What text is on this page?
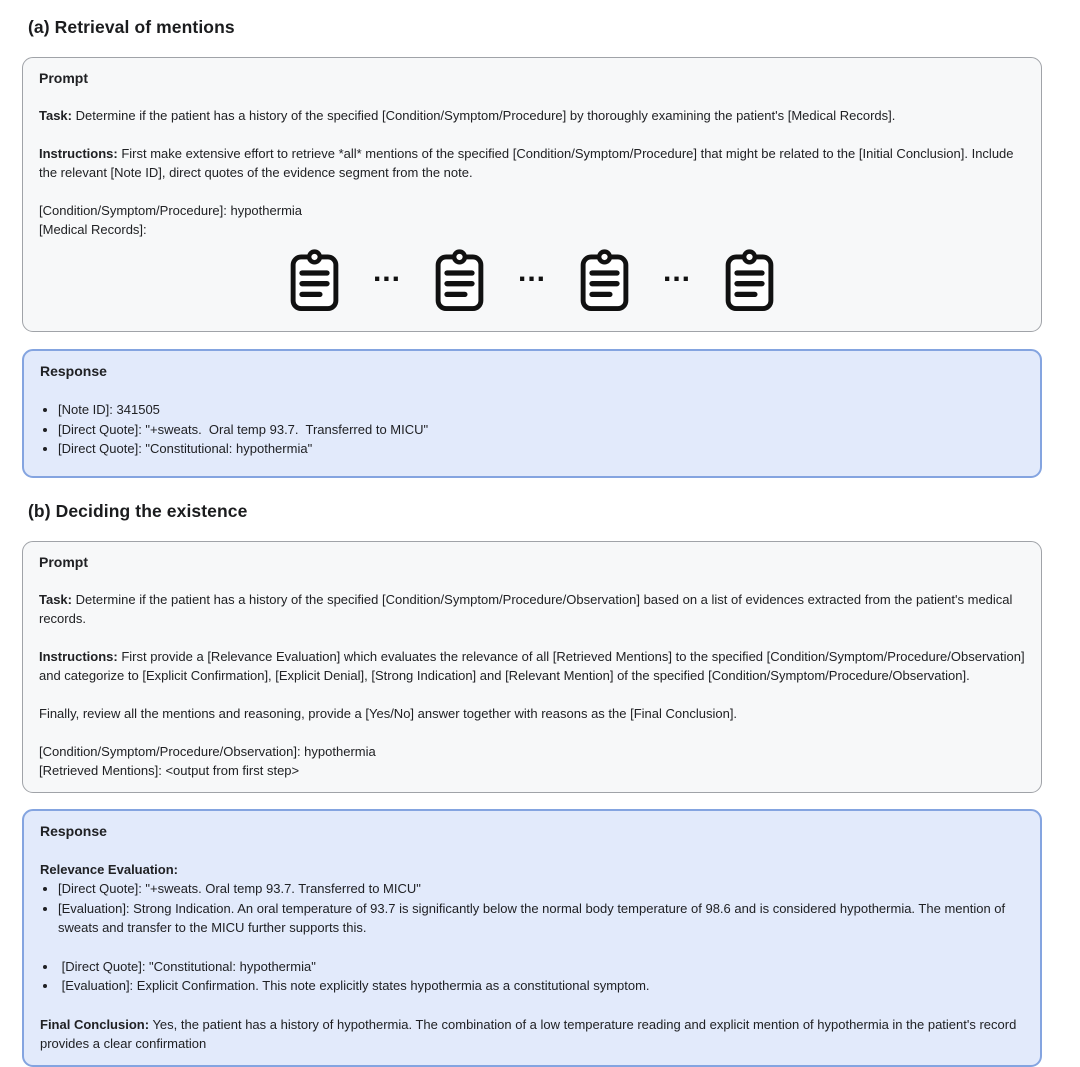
(a) Retrieval of mentions
Prompt

Task: Determine if the patient has a history of the specified [Condition/Symptom/Procedure] by thoroughly examining the patient's [Medical Records].

Instructions: First make extensive effort to retrieve *all* mentions of the specified [Condition/Symptom/Procedure] that might be related to the [Initial Conclusion]. Include the relevant [Note ID], direct quotes of the evidence segment from the note.

[Condition/Symptom/Procedure]: hypothermia

[Medical Records]:

...	...	...
Response
• [Note ID]: 341505
• [Direct Quote]: "+sweats.  Oral temp 93.7.  Transferred to MICU"
• [Direct Quote]: "Constitutional: hypothermia"
(b) Deciding the existence
Prompt

Task: Determine if the patient has a history of the specified [Condition/Symptom/Procedure/Observation] based on a list of evidences extracted from the patient's medical records.

Instructions: First provide a [Relevance Evaluation] which evaluates the relevance of all [Retrieved Mentions] to the specified [Condition/Symptom/Procedure/Observation] and categorize to [Explicit Confirmation], [Explicit Denial], [Strong Indication] and [Relevant Mention] of the specified [Condition/Symptom/Procedure/Observation].

Finally, review all the mentions and reasoning, provide a [Yes/No] answer together with reasons as the [Final Conclusion].

[Condition/Symptom/Procedure/Observation]: hypothermia

[Retrieved Mentions]: <output from first step>

Response

Relevance Evaluation:

• [Direct Quote]: "+sweats. Oral temp 93.7. Transferred to MICU"
• [Evaluation]: Strong Indication. An oral temperature of 93.7 is significantly below the normal body temperature of 98.6 and is considered hypothermia. The mention of sweats and transfer to the MICU further supports this.
•  [Direct Quote]: "Constitutional: hypothermia"
•  [Evaluation]: Explicit Confirmation. This note explicitly states hypothermia as a constitutional symptom.

Final Conclusion: Yes, the patient has a history of hypothermia. The combination of a low temperature reading and explicit mention of hypothermia in the patient's record provides a clear confirmation
